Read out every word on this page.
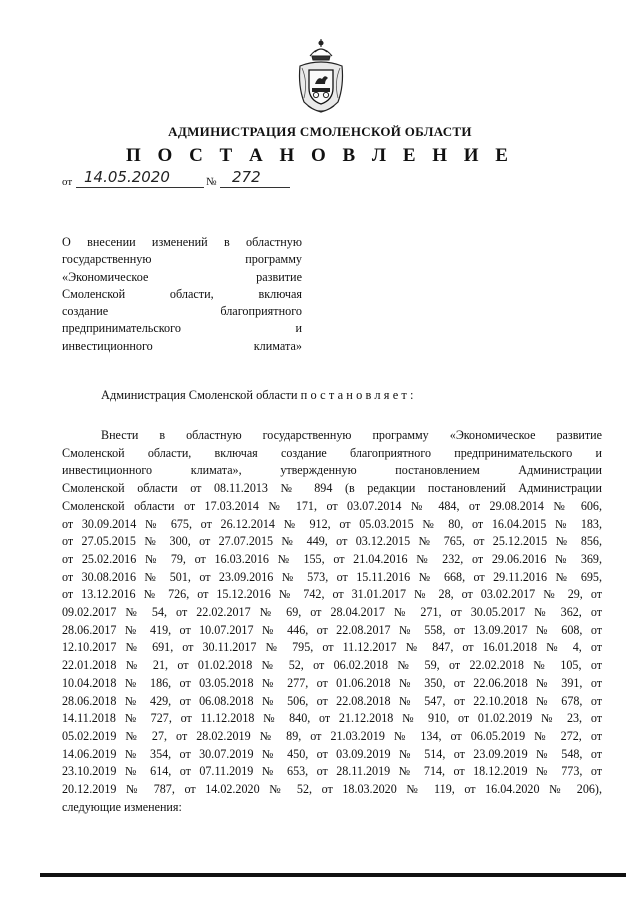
АДМИНИСТРАЦИЯ СМОЛЕНСКОЙ ОБЛАСТИ
П О С Т А Н О В Л Е Н И Е
от 14.05.2020	№ 272
О внесении изменений в областную
государственную программу
«Экономическое развитие
Смоленской области, включая
создание благоприятного
предпринимательского и
инвестиционного климата»
Администрация Смоленской области постановляет:
Внести в областную государственную программу «Экономическое развитие
Смоленской области, включая создание благоприятного предпринимательского и
инвестиционного климата», утвержденную постановлением Администрации
Смоленской области от 08.11.2013 № 894 (в редакции постановлений Администрации
Смоленской области от 17.03.2014 № 171, от 03.07.2014 № 484, от 29.08.2014 № 606,
от 30.09.2014 № 675, от 26.12.2014 № 912, от 05.03.2015 № 80, от 16.04.2015 № 183,
от 27.05.2015 № 300, от 27.07.2015 № 449, от 03.12.2015 № 765, от 25.12.2015 № 856,
от 25.02.2016 № 79, от 16.03.2016 № 155, от 21.04.2016 № 232, от 29.06.2016 № 369,
от 30.08.2016 № 501, от 23.09.2016 № 573, от 15.11.2016 № 668, от 29.11.2016 № 695,
от 13.12.2016 № 726, от 15.12.2016 № 742, от 31.01.2017 № 28, от 03.02.2017 № 29, от
09.02.2017 № 54, от 22.02.2017 № 69, от 28.04.2017 № 271, от 30.05.2017 № 362, от
28.06.2017 № 419, от 10.07.2017 № 446, от 22.08.2017 № 558, от 13.09.2017 № 608, от
12.10.2017 № 691, от 30.11.2017 № 795, от 11.12.2017 № 847, от 16.01.2018 № 4, от
22.01.2018 № 21, от 01.02.2018 № 52, от 06.02.2018 № 59, от 22.02.2018 № 105, от
10.04.2018 № 186, от 03.05.2018 № 277, от 01.06.2018 № 350, от 22.06.2018 № 391, от
28.06.2018 № 429, от 06.08.2018 № 506, от 22.08.2018 № 547, от 22.10.2018 № 678, от
14.11.2018 № 727, от 11.12.2018 № 840, от 21.12.2018 № 910, от 01.02.2019 № 23, от
05.02.2019 № 27, от 28.02.2019 № 89, от 21.03.2019 № 134, от 06.05.2019 № 272, от
14.06.2019 № 354, от 30.07.2019 № 450, от 03.09.2019 № 514, от 23.09.2019 № 548, от
23.10.2019 № 614, от 07.11.2019 № 653, от 28.11.2019 № 714, от 18.12.2019 № 773, от
20.12.2019 № 787, от 14.02.2020 № 52, от 18.03.2020 № 119, от 16.04.2020 № 206),
следующие изменения:
